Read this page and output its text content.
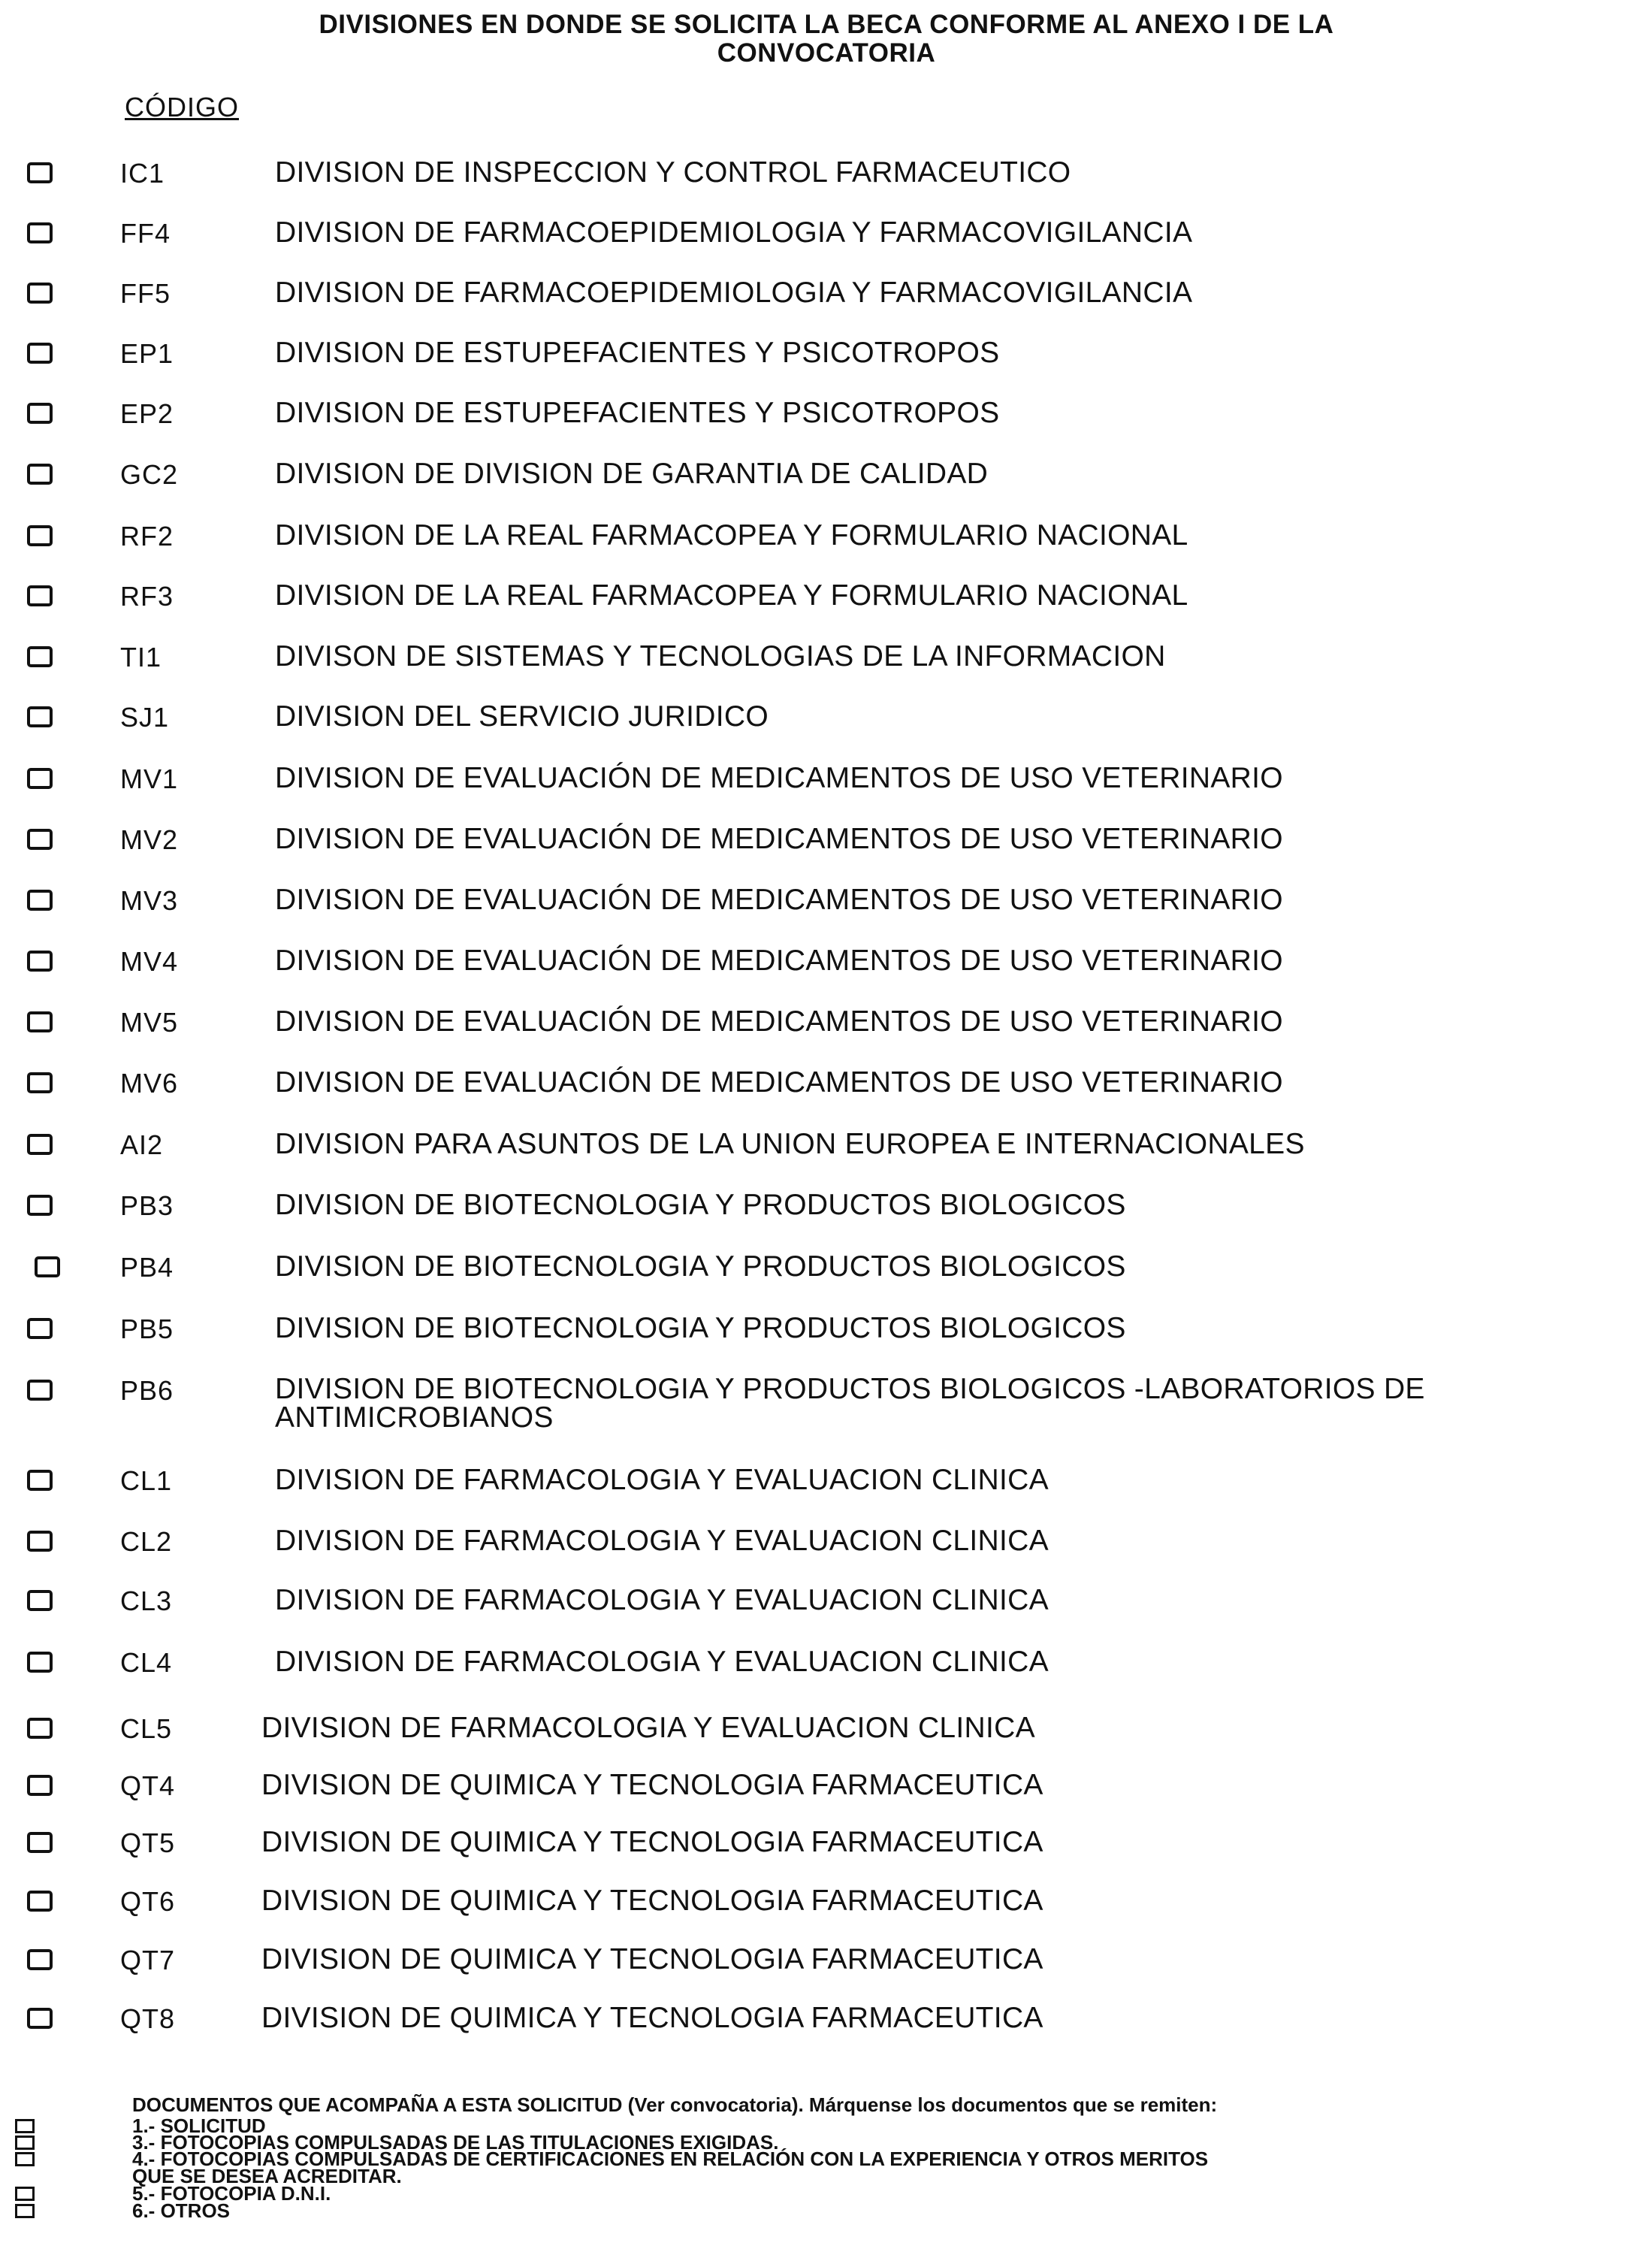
DIVISIONES EN DONDE SE SOLICITA LA BECA CONFORME AL ANEXO I DE LA
CONVOCATORIA
CÓDIGO
IC1	DIVISION DE INSPECCION Y CONTROL FARMACEUTICO
FF4	DIVISION DE FARMACOEPIDEMIOLOGIA Y FARMACOVIGILANCIA
FF5	DIVISION DE FARMACOEPIDEMIOLOGIA Y FARMACOVIGILANCIA
EP1	DIVISION DE ESTUPEFACIENTES Y PSICOTROPOS
EP2	DIVISION DE ESTUPEFACIENTES Y PSICOTROPOS
GC2	DIVISION DE DIVISION DE GARANTIA DE CALIDAD
RF2	DIVISION DE LA REAL FARMACOPEA Y FORMULARIO NACIONAL
RF3	DIVISION DE LA REAL FARMACOPEA Y FORMULARIO NACIONAL
TI1	DIVISON DE SISTEMAS Y TECNOLOGIAS DE LA INFORMACION
SJ1	DIVISION DEL SERVICIO JURIDICO
MV1	DIVISION DE EVALUACIÓN DE MEDICAMENTOS DE USO VETERINARIO
MV2	DIVISION DE EVALUACIÓN DE MEDICAMENTOS DE USO VETERINARIO
MV3	DIVISION DE EVALUACIÓN DE MEDICAMENTOS DE USO VETERINARIO
MV4	DIVISION DE EVALUACIÓN DE MEDICAMENTOS DE USO VETERINARIO
MV5	DIVISION DE EVALUACIÓN DE MEDICAMENTOS DE USO VETERINARIO
MV6	DIVISION DE EVALUACIÓN DE MEDICAMENTOS DE USO VETERINARIO
AI2	DIVISION PARA ASUNTOS DE LA UNION EUROPEA E INTERNACIONALES
PB3	DIVISION DE BIOTECNOLOGIA Y PRODUCTOS BIOLOGICOS
PB4	DIVISION DE BIOTECNOLOGIA Y PRODUCTOS BIOLOGICOS
PB5	DIVISION DE BIOTECNOLOGIA Y PRODUCTOS BIOLOGICOS
PB6	DIVISION DE BIOTECNOLOGIA Y PRODUCTOS BIOLOGICOS -LABORATORIOS DE ANTIMICROBIANOS
CL1	DIVISION DE FARMACOLOGIA Y EVALUACION CLINICA
CL2	DIVISION DE FARMACOLOGIA Y EVALUACION CLINICA
CL3	DIVISION DE FARMACOLOGIA Y EVALUACION CLINICA
CL4	DIVISION DE FARMACOLOGIA Y EVALUACION CLINICA
CL5	DIVISION DE FARMACOLOGIA Y EVALUACION CLINICA
QT4	DIVISION DE QUIMICA Y TECNOLOGIA FARMACEUTICA
QT5	DIVISION DE QUIMICA Y TECNOLOGIA FARMACEUTICA
QT6	DIVISION DE QUIMICA Y TECNOLOGIA FARMACEUTICA
QT7	DIVISION DE QUIMICA Y TECNOLOGIA FARMACEUTICA
QT8	DIVISION DE QUIMICA Y TECNOLOGIA FARMACEUTICA
DOCUMENTOS QUE ACOMPAÑA A ESTA SOLICITUD (Ver convocatoria). Márquense los documentos que se remiten:
1.- SOLICITUD
3.- FOTOCOPIAS COMPULSADAS DE LAS TITULACIONES EXIGIDAS.
4.- FOTOCOPIAS COMPULSADAS DE CERTIFICACIONES EN RELACIÓN CON LA EXPERIENCIA Y OTROS MERITOS
QUE SE DESEA ACREDITAR.
5.- FOTOCOPIA D.N.I.
6.- OTROS
